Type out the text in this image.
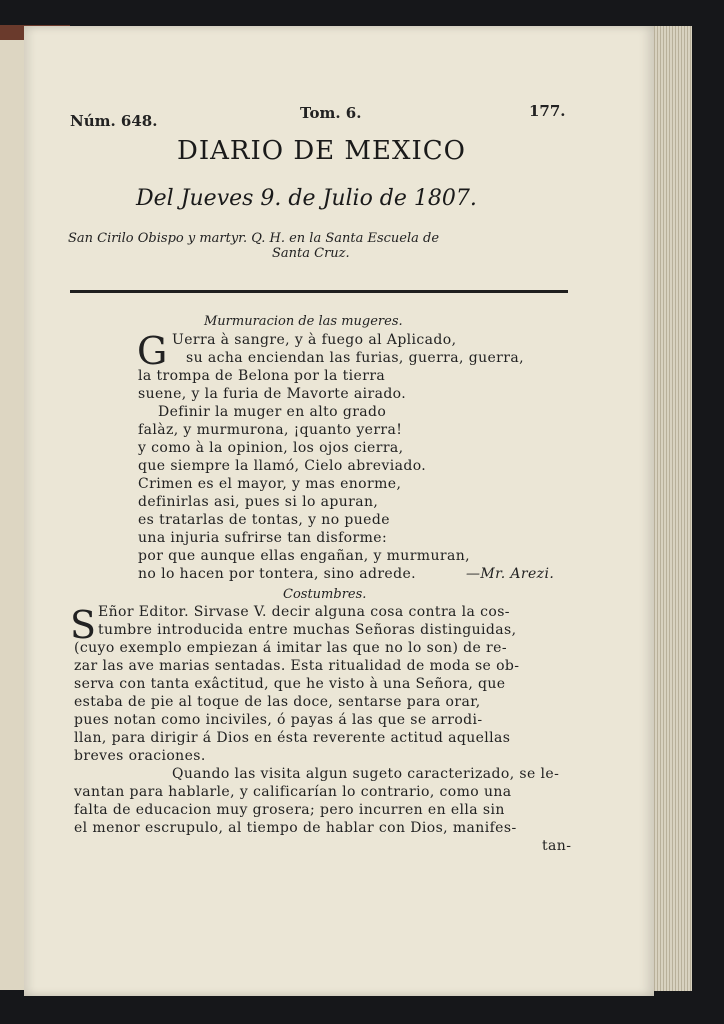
Núm. 648.	Tom. 6.	177.
DIARIO DE MEXICO
Del Jueves 9. de Julio de 1807.
San Cirilo Obispo y martyr. Q. H. en la Santa Escuela de
Santa Cruz.
Murmuracion de las mugeres.
G Uerra à sangre, y à fuego al Aplicado,
su acha enciendan las furias, guerra, guerra,
la trompa de Belona por la tierra
suene, y la furia de Mavorte airado.
Definir la muger en alto grado
falàz, y murmurona, ¡quanto yerra!
y como à la opinion, los ojos cierra,
que siempre la llamó, Cielo abreviado.
Crimen es el mayor, y mas enorme,
definirlas asi, pues si lo apuran,
es tratarlas de tontas, y no puede
una injuria sufrirse tan disforme:
por que aunque ellas engañan, y murmuran,
no lo hacen por tontera, sino adrede.	—Mr. Arezi.
Costumbres.
S Eñor Editor. Sirvase V. decir alguna cosa contra la cos-
tumbre introducida entre muchas Señoras distinguidas,
(cuyo exemplo empiezan á imitar las que no lo son) de re-
zar las ave marias sentadas. Esta ritualidad de moda se ob-
serva con tanta exâctitud, que he visto à una Señora, que
estaba de pie al toque de las doce, sentarse para orar,
pues notan como inciviles, ó payas á las que se arrodi-
llan, para dirigir á Dios en ésta reverente actitud aquellas
breves oraciones.
Quando las visita algun sugeto caracterizado, se le-
vantan para hablarle, y calificarían lo contrario, como una
falta de educacion muy grosera; pero incurren en ella sin
el menor escrupulo, al tiempo de hablar con Dios, manifes-
tan-
